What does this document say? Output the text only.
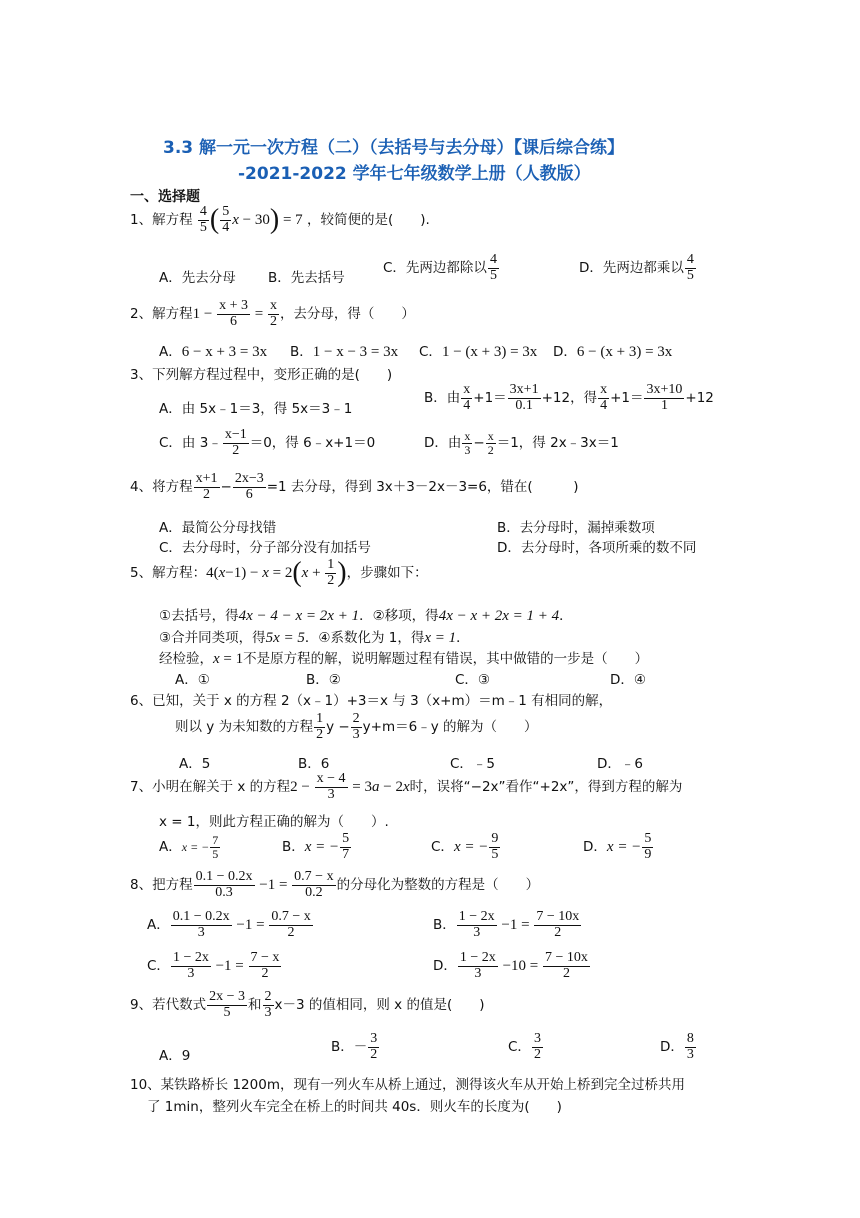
3.3 解一元一次方程（二）（去括号与去分母）【课后综合练】
-2021-2022 学年七年级数学上册（人教版）
一、选择题
1、解方程 $\frac{4}{5}$ ( $\frac{5}{4}$ x − 30) = 7 ，较简便的是(　　).
A．先去分母 B．先去括号
C．先两边都除以 $\frac{4}{5}$	D．先两边都乘以 $\frac{4}{5}$
2、解方程$1 - \frac{x + 3}{6} = \frac{x}{2}$ ，去分母，得（　　）
A．6 − x + 3 = 3x B．1 − x − 3 = 3x C．1 − (x + 3) = 3x D．6 − (x + 3) = 3x
3、下列解方程过程中，变形正确的是(　　)
A．由 5x﹣1＝3，得 5x＝3﹣1
B．由 $\frac{x}{4} +1= \frac{3x+1}{0.1} +12$，得 $\frac{x}{4} +1= \frac{3x+10}{1} +12$
C．由 3﹣ $\frac{x-1}{2} =0$，得 6﹣x+1＝0	D．由 $\frac{x}{3} - \frac{x}{2} =1$，得 2x﹣3x＝1
4、将方程 $\frac{x+1}{2} - \frac{2x-3}{6} =1$ 去分母，得到 3x＋3－2x－3=6，错在(　　　)
A．最简公分母找错	B．去分母时，漏掉乘数项
C．去分母时，分子部分没有加括号	D．去分母时，各项所乘的数不同
5、解方程：$4(x-1) - x = 2(x + \frac{1}{2}$ )，步骤如下：
①去括号，得4x − 4 − x = 2x + 1．②移项，得4x − x + 2x = 1 + 4．
③合并同类项，得5x = 5．④系数化为 1，得x = 1．
经检验，x = 1不是原方程的解，说明解题过程有错误，其中做错的一步是（　　）
A．①	B．②	C．③	D．④
6、已知，关于 x 的方程 2（x﹣1）+3＝x 与 3（x+m）＝m﹣1 有相同的解，
则以 y 为未知数的方程 $\frac{1}{2}$ $y - \frac{2}{3}$ y+m＝6﹣y 的解为（　　）
A．5	B．6	C．﹣5	D．﹣6
7、小明在解关于 x 的方程$2 - \frac{x - 4}{3} = 3a - 2x$时，误将“−2x”看作“+2x”，得到方程的解为
x = 1，则此方程正确的解为（　　）.
A．x = − $\frac{7}{5}$	B．x = − $\frac{5}{7}$	C．x = − $\frac{9}{5}$	D．x = − $\frac{5}{9}$
8、把方程 $\frac{0.1 - 0.2x}{0.3} -1 = \frac{0.7 - x}{0.2}$ 的分母化为整数的方程是（　　）
A． $\frac{0.1 - 0.2x}{3} -1 = \frac{0.7 - x}{2}$	B． $\frac{1 - 2x}{3} -1 = \frac{7 - 10x}{2}$
C． $\frac{1 - 2x}{3} -1 = \frac{7 - x}{2}$	D． $\frac{1 - 2x}{3} -10 = \frac{7 - 10x}{2}$
9、若代数式 $\frac{2x - 3}{5}$ 和 $\frac{2}{3} x-3$ 的值相同，则 x 的值是(　　)
A．9
B．－ $\frac{3}{2}$	C． $\frac{3}{2}$	D． $\frac{8}{3}$
10、某铁路桥长 1200m，现有一列火车从桥上通过，测得该火车从开始上桥到完全过桥共用
了 1min，整列火车完全在桥上的时间共 40s．则火车的长度为(　　)
